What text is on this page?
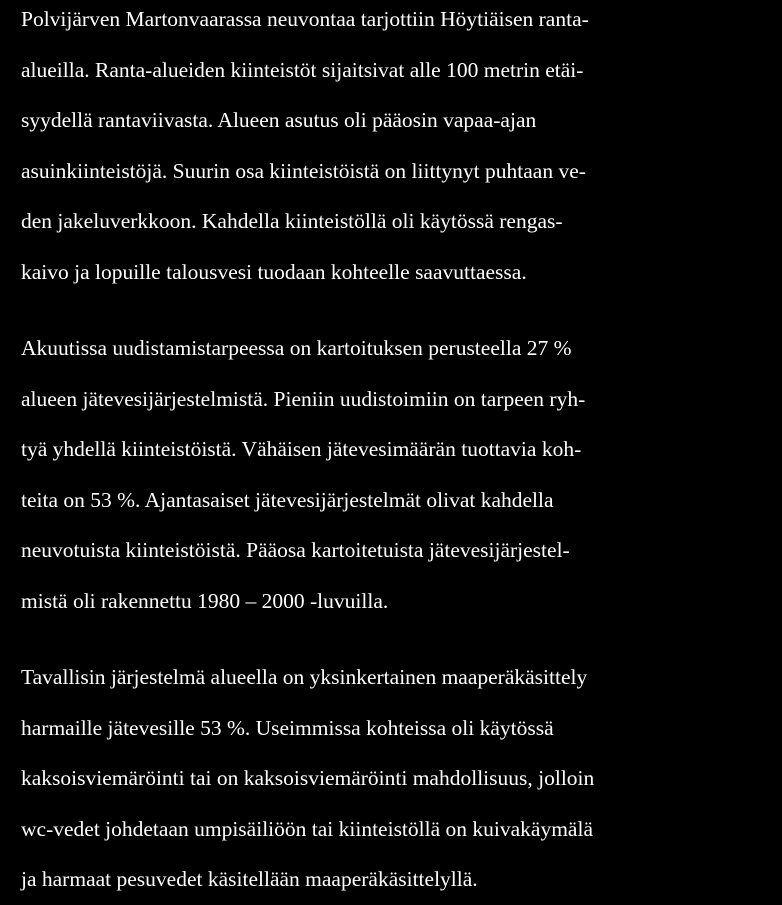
Polvijärven Martonvaarassa neuvontaa tarjottiin Höytiäisen ranta-
alueilla. Ranta-alueiden kiinteistöt sijaitsivat alle 100 metrin etäi-
syydellä rantaviivasta. Alueen asutus oli pääosin vapaa-ajan
asuinkiinteistöjä. Suurin osa kiinteistöistä on liittynyt puhtaan ve-
den jakeluverkkoon. Kahdella kiinteistöllä oli käytössä rengas-
kaivo ja lopuille talousvesi tuodaan kohteelle saavuttaessa.

Akuutissa uudistamistarpeessa on kartoituksen perusteella 27 %
alueen jätevesijärjestelmistä. Pieniin uudistoimiin on tarpeen ryh-
tyä yhdellä kiinteistöistä. Vähäisen jätevesimäärän tuottavia koh-
teita on 53 %. Ajantasaiset jätevesijärjestelmät olivat kahdella
neuvotuista kiinteistöistä. Pääosa kartoitetuista jätevesijärjestel-
mistä oli rakennettu 1980 – 2000 -luvuilla.

Tavallisin järjestelmä alueella on yksinkertainen maaperäkäsittely
harmaille jätevesille 53 %. Useimmissa kohteissa oli käytössä
kaksoisviemäröinti tai on kaksoisviemäröinti mahdollisuus, jolloin
wc-vedet johdetaan umpisäiliöön tai kiinteistöllä on kuivakäymälä
ja harmaat pesuvedet käsitellään maaperäkäsittelyllä.
